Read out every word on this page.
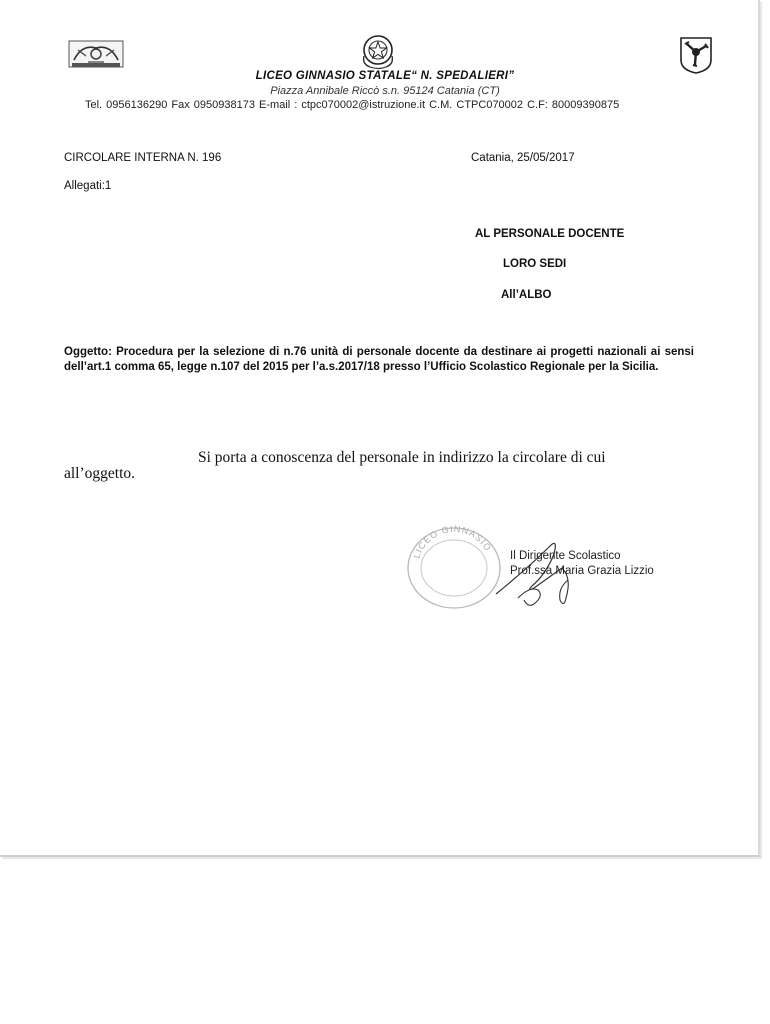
LICEO GINNASIO STATALE“ N. SPEDALIERI”
Piazza Annibale Riccò s.n. 95124 Catania (CT)
Tel. 0956136290 Fax 0950938173 E-mail : ctpc070002@istruzione.it C.M. CTPC070002 C.F: 80009390875
CIRCOLARE INTERNA N. 196	Catania, 25/05/2017
Allegati:1
AL PERSONALE DOCENTE
LORO SEDI
All’ALBO
Oggetto: Procedura per la selezione di n.76 unità di personale docente da destinare ai progetti nazionali ai sensi dell’art.1 comma 65, legge n.107 del 2015 per l’a.s.2017/18 presso l’Ufficio Scolastico Regionale per la Sicilia.
Si porta a conoscenza del personale in indirizzo la circolare di cui
all’oggetto.
LICEO GINNASIO
Il Dirigente Scolastico
Prof.ssa Maria Grazia Lizzio
